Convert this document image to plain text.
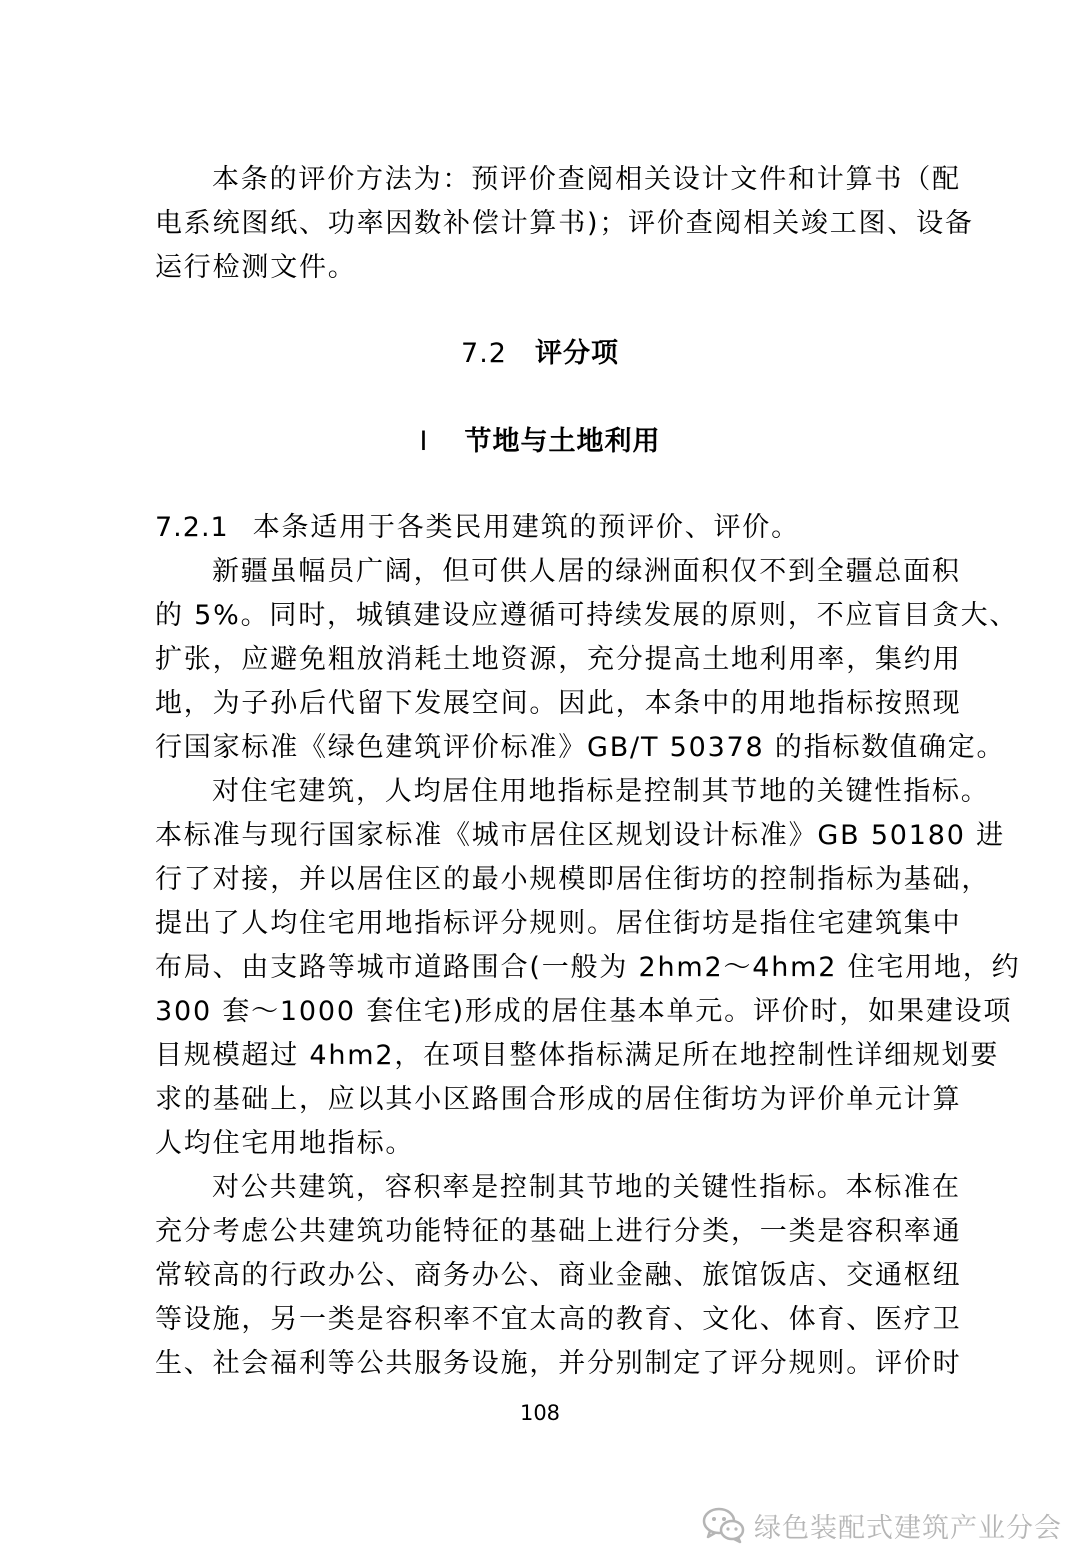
本条的评价方法为：预评价查阅相关设计文件和计算书（配
电系统图纸、功率因数补偿计算书)；评价查阅相关竣工图、设备
运行检测文件。
7.2 评分项
I 节地与土地利用
7.2.1 本条适用于各类民用建筑的预评价、评价。
新疆虽幅员广阔，但可供人居的绿洲面积仅不到全疆总面积
的 5%。同时，城镇建设应遵循可持续发展的原则，不应盲目贪大、
扩张，应避免粗放消耗土地资源，充分提高土地利用率，集约用
地，为子孙后代留下发展空间。因此，本条中的用地指标按照现
行国家标准《绿色建筑评价标准》GB/T 50378 的指标数值确定。
对住宅建筑，人均居住用地指标是控制其节地的关键性指标。
本标准与现行国家标准《城市居住区规划设计标准》GB 50180 进
行了对接，并以居住区的最小规模即居住街坊的控制指标为基础，
提出了人均住宅用地指标评分规则。居住街坊是指住宅建筑集中
布局、由支路等城市道路围合(一般为 2hm2～4hm2 住宅用地，约
300 套～1000 套住宅)形成的居住基本单元。评价时，如果建设项
目规模超过 4hm2，在项目整体指标满足所在地控制性详细规划要
求的基础上，应以其小区路围合形成的居住街坊为评价单元计算
人均住宅用地指标。
对公共建筑，容积率是控制其节地的关键性指标。本标准在
充分考虑公共建筑功能特征的基础上进行分类，一类是容积率通
常较高的行政办公、商务办公、商业金融、旅馆饭店、交通枢纽
等设施，另一类是容积率不宜太高的教育、文化、体育、医疗卫
生、社会福利等公共服务设施，并分别制定了评分规则。评价时
108
绿色装配式建筑产业分会
